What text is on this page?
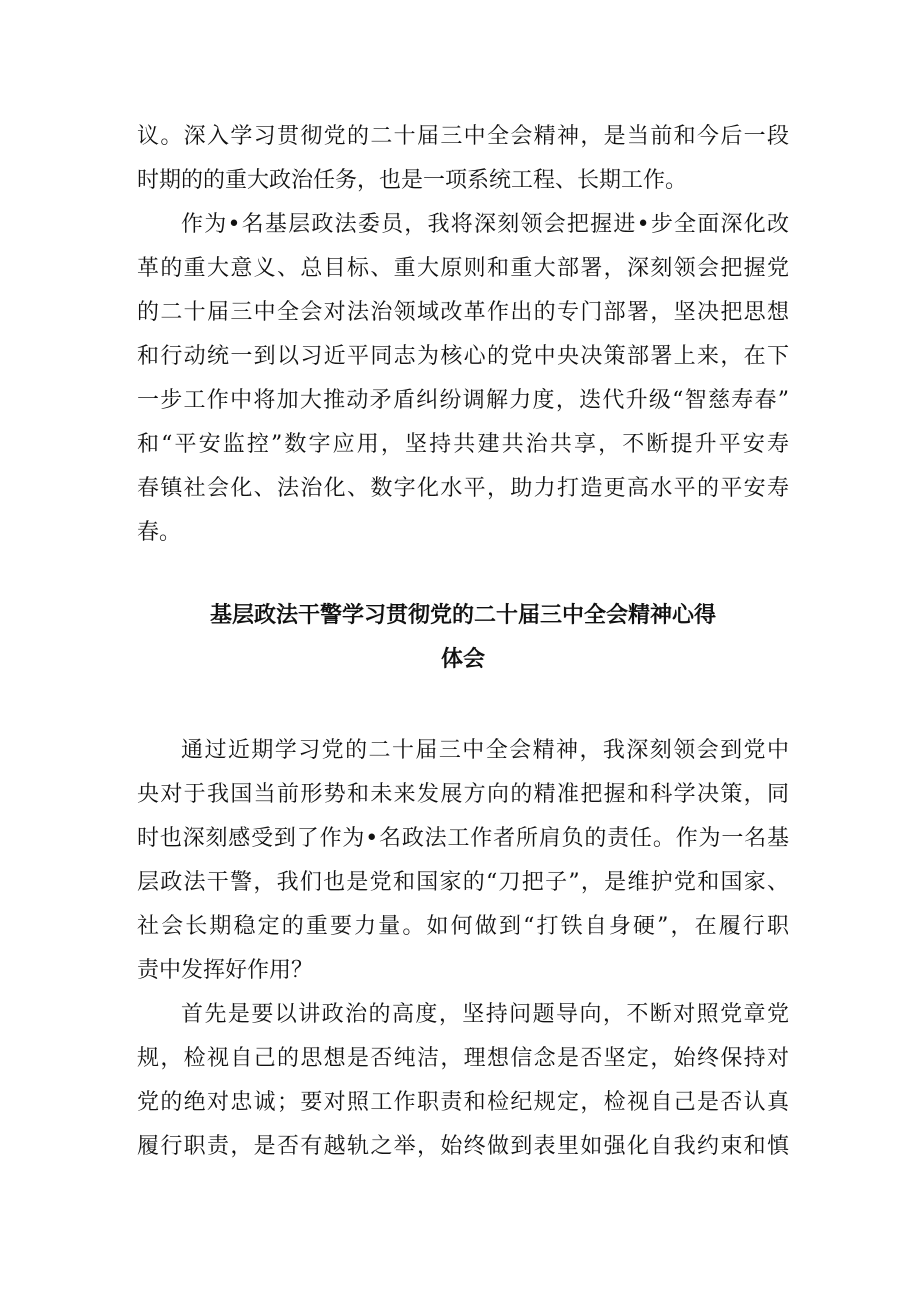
议。深入学习贯彻党的二十届三中全会精神，是当前和今后一段
时期的的重大政治任务，也是一项系统工程、长期工作。
作为•名基层政法委员，我将深刻领会把握进•步全面深化改
革的重大意义、总目标、重大原则和重大部署，深刻领会把握党
的二十届三中全会对法治领域改革作出的专门部署，坚决把思想
和行动统一到以习近平同志为核心的党中央决策部署上来，在下
一步工作中将加大推动矛盾纠纷调解力度，迭代升级“智慈寿春”
和“平安监控”数字应用，坚持共建共治共享，不断提升平安寿
春镇社会化、法治化、数字化水平，助力打造更高水平的平安寿
春。
基层政法干警学习贯彻党的二十届三中全会精神心得
体会
通过近期学习党的二十届三中全会精神，我深刻领会到党中
央对于我国当前形势和未来发展方向的精准把握和科学决策，同
时也深刻感受到了作为•名政法工作者所肩负的责任。作为一名基
层政法干警，我们也是党和国家的“刀把子”，是维护党和国家、
社会长期稳定的重要力量。如何做到“打铁自身硬”，在履行职
责中发挥好作用？
首先是要以讲政治的高度，坚持问题导向，不断对照党章党
规，检视自己的思想是否纯洁，理想信念是否坚定，始终保持对
党的绝对忠诚；要对照工作职责和检纪规定，检视自己是否认真
履行职责，是否有越轨之举，始终做到表里如强化自我约束和慎
